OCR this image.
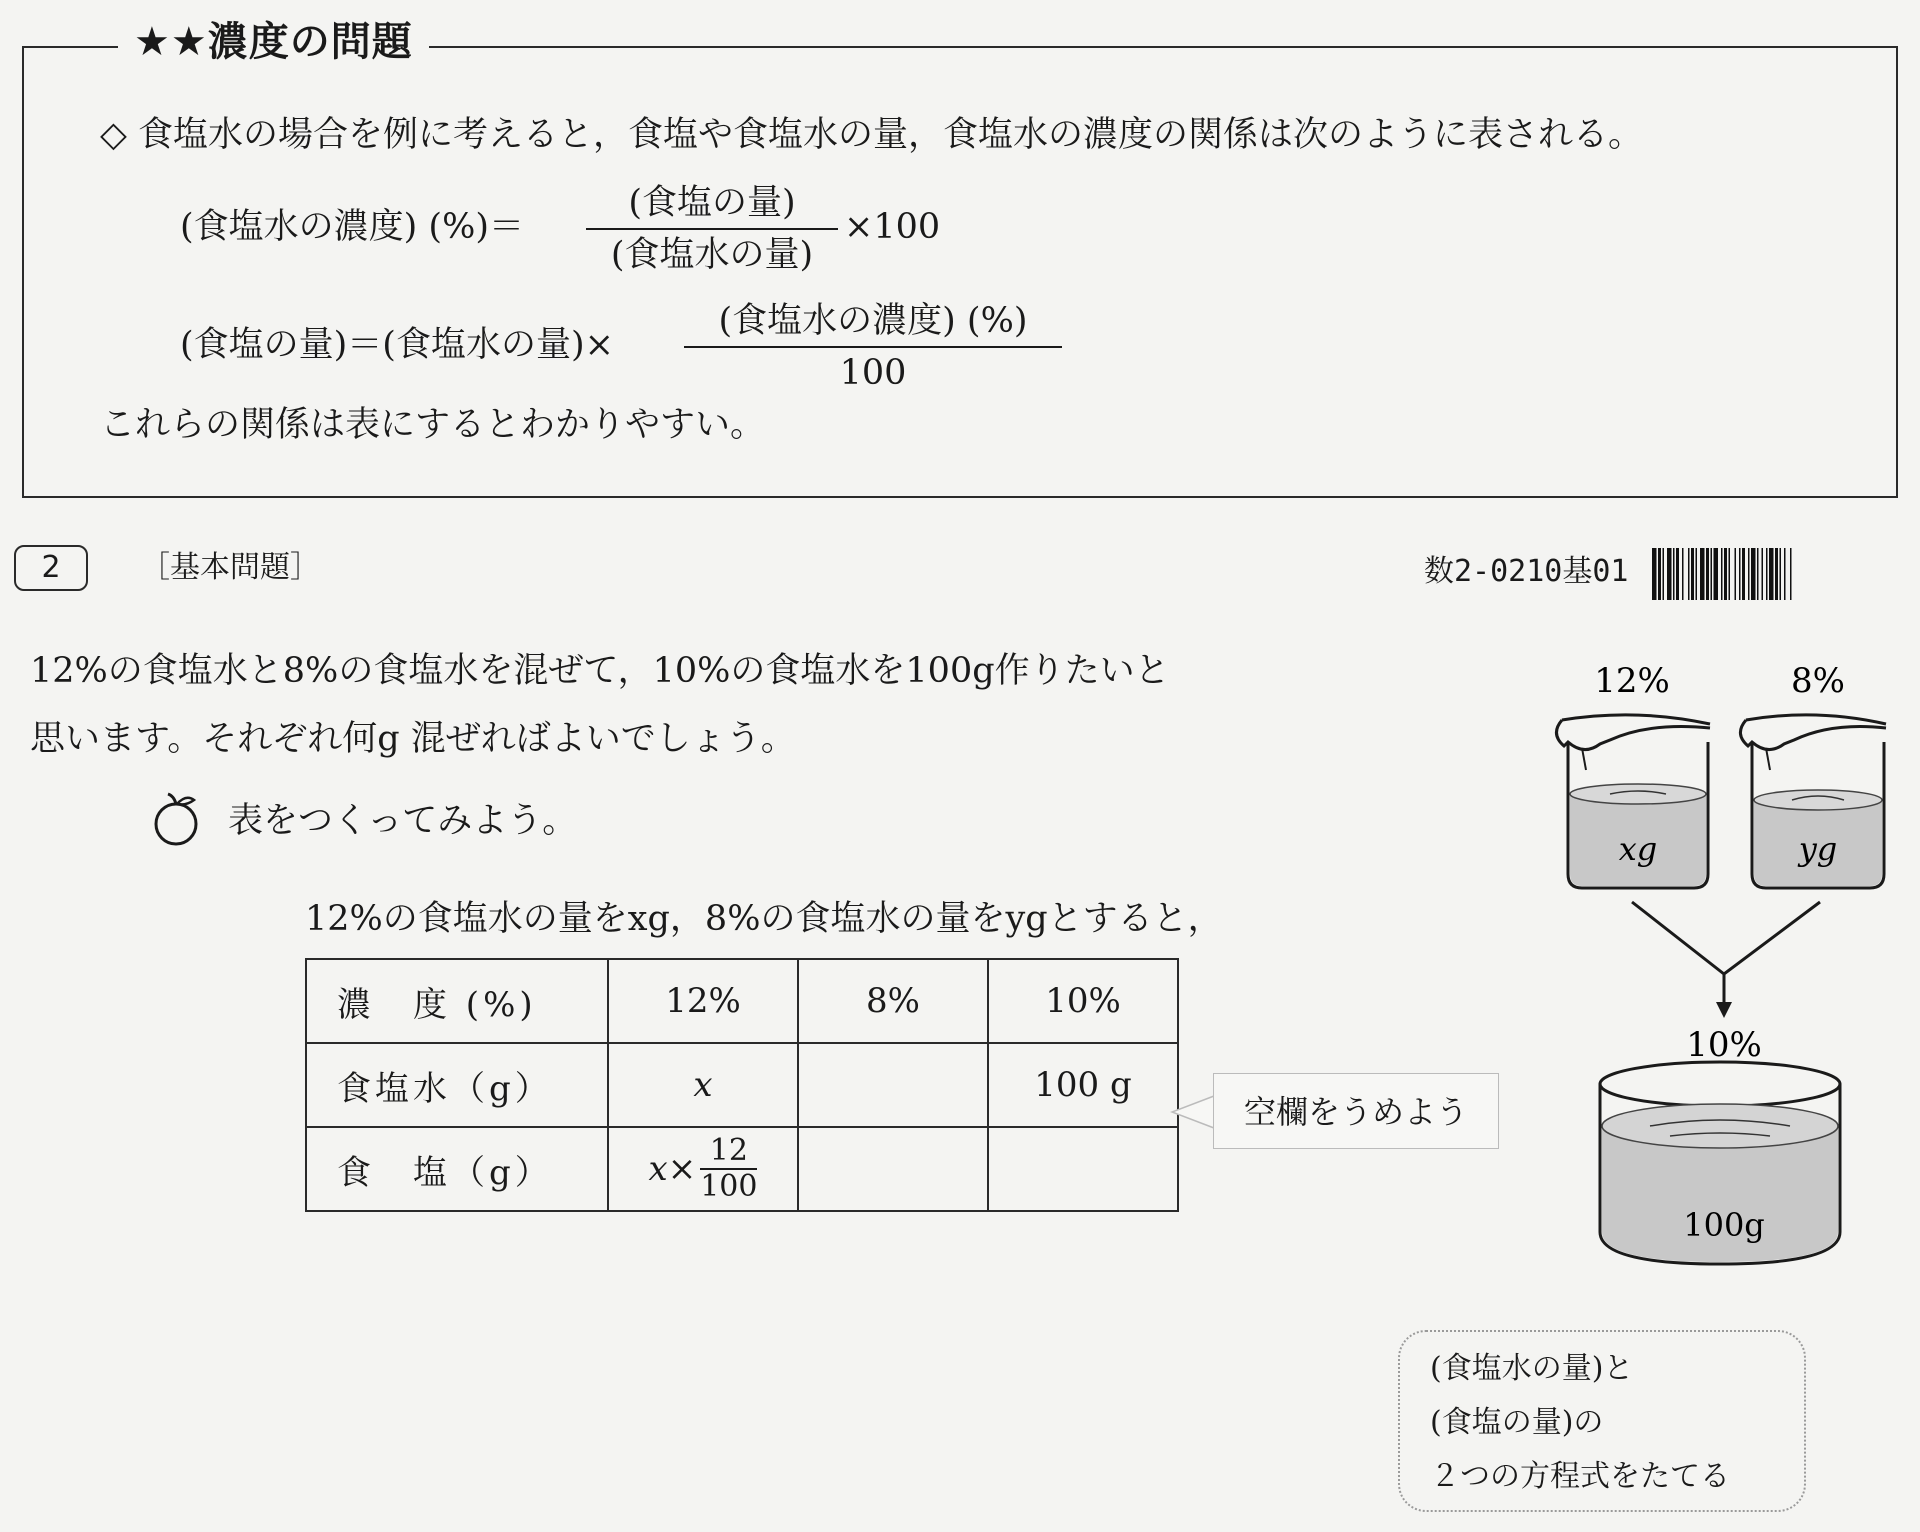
★★濃度の問題
◇ 食塩水の場合を例に考えると，食塩や食塩水の量，食塩水の濃度の関係は次のように表される。
(食塩水の濃度) (%)＝
(食塩の量)
(食塩水の量)
×100
(食塩の量)＝(食塩水の量)×
(食塩水の濃度) (%)
100
これらの関係は表にするとわかりやすい。
2	［基本問題］	数2-0210基01
12%の食塩水と8%の食塩水を混ぜて，10%の食塩水を100g作りたいと
思います。それぞれ何g 混ぜればよいでしょう。
表をつくってみよう。
12%の食塩水の量をxg，8%の食塩水の量をygとすると，
濃　度 (%)	12%	8%	10%
食塩水（g）	x		100 g
食　塩（g）	$x\times \frac{12}{100}$

空欄をうめよう
12%	8%
xg	yg
10%
100g
(食塩水の量)と
(食塩の量)の
２つの方程式をたてる
